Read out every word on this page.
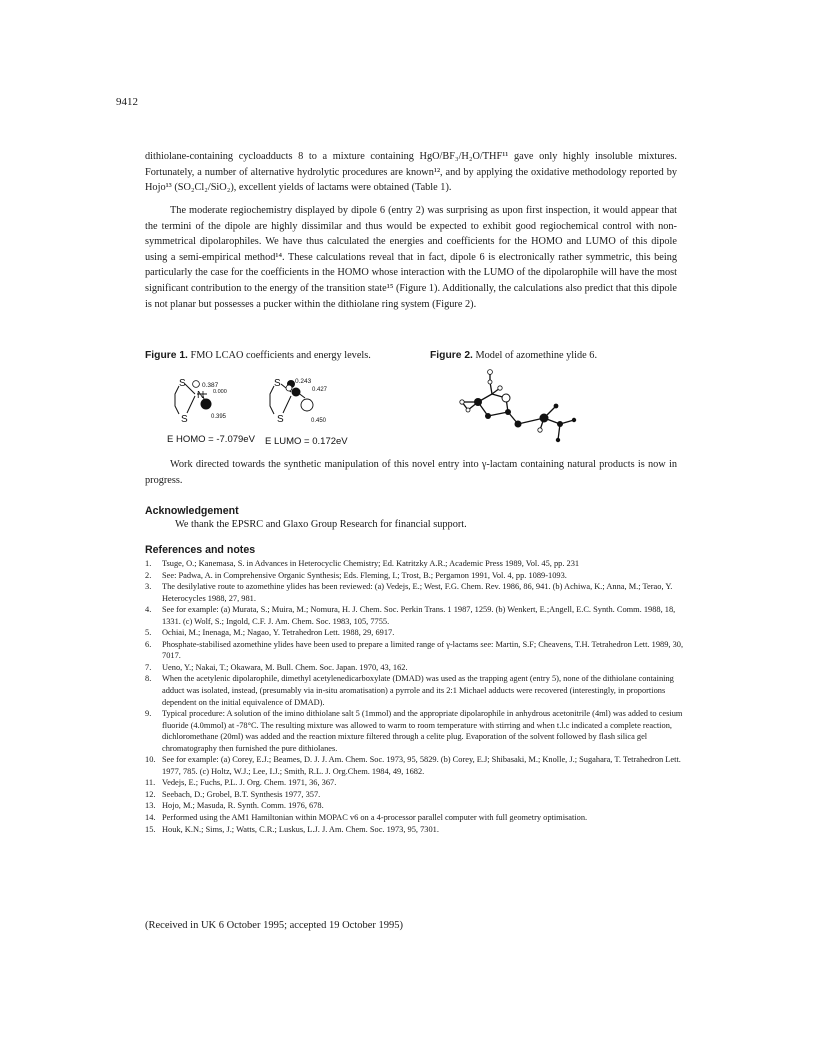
9412

dithiolane-containing cycloadducts 8 to a mixture containing HgO/BF₃/H₂O/THF¹¹ gave only highly insoluble mixtures. Fortunately, a number of alternative hydrolytic procedures are known¹², and by applying the oxidative methodology reported by Hojo¹³ (SO₂Cl₂/SiO₂), excellent yields of lactams were obtained (Table 1).

The moderate regiochemistry displayed by dipole 6 (entry 2) was surprising as upon first inspection, it would appear that the termini of the dipole are highly dissimilar and thus would be expected to exhibit good regiochemical control with non-symmetrical dipolarophiles. We have thus calculated the energies and coefficients for the HOMO and LUMO of this dipole using a semi-empirical method¹⁴. These calculations reveal that in fact, dipole 6 is electronically rather symmetric, this being particularly the case for the coefficients in the HOMO whose interaction with the LUMO of the dipolarophile will have the most significant contribution to the energy of the transition state¹⁵ (Figure 1). Additionally, the calculations also predict that this dipole is not planar but possesses a pucker within the dithiolane ring system (Figure 2).

Figure 1. FMO LCAO coefficients and energy levels.	Figure 2. Model of azomethine ylide 6.
S
N
S
0.387
0.000
0.395
E HOMO = -7.079eV
S
S
0.243
0.427
0.450
E LUMO = 0.172eV

Work directed towards the synthetic manipulation of this novel entry into γ-lactam containing natural products is now in progress.

Acknowledgement
We thank the EPSRC and Glaxo Group Research for financial support.
References and notes
1. Tsuge, O.; Kanemasa, S. in Advances in Heterocyclic Chemistry; Ed. Katritzky A.R.; Academic Press 1989, Vol. 45, pp. 231
2. See: Padwa, A. in Comprehensive Organic Synthesis; Eds. Fleming, I.; Trost, B.; Pergamon 1991, Vol. 4, pp. 1089-1093.
3. The desilylative route to azomethine ylides has been reviewed: (a) Vedejs, E.; West, F.G. Chem. Rev. 1986, 86, 941. (b) Achiwa, K.; Anna, M.; Terao, Y. Heterocycles 1988, 27, 981.
4. See for example: (a) Murata, S.; Muira, M.; Nomura, H. J. Chem. Soc. Perkin Trans. 1 1987, 1259. (b) Wenkert, E.;Angell, E.C. Synth. Comm. 1988, 18, 1331. (c) Wolf, S.; Ingold, C.F. J. Am. Chem. Soc. 1983, 105, 7755.
5. Ochiai, M.; Inenaga, M.; Nagao, Y. Tetrahedron Lett. 1988, 29, 6917.
6. Phosphate-stabilised azomethine ylides have been used to prepare a limited range of γ-lactams see: Martin, S.F; Cheavens, T.H. Tetrahedron Lett. 1989, 30, 7017.
7. Ueno, Y.; Nakai, T.; Okawara, M. Bull. Chem. Soc. Japan. 1970, 43, 162.
8. When the acetylenic dipolarophile, dimethyl acetylenedicarboxylate (DMAD) was used as the trapping agent (entry 5), none of the dithiolane containing adduct was isolated, instead, (presumably via in-situ aromatisation) a pyrrole and its 2:1 Michael adducts were recovered (interestingly, in proportions dependent on the initial equivalence of DMAD).
9. Typical procedure: A solution of the imino dithiolane salt 5 (1mmol) and the appropriate dipolarophile in anhydrous acetonitrile (4ml) was added to cesium fluoride (4.0mmol) at -78°C. The resulting mixture was allowed to warm to room temperature with stirring and when t.l.c indicated a complete reaction, dichloromethane (20ml) was added and the reaction mixture filtered through a celite plug. Evaporation of the solvent followed by flash silica gel chromatography then furnished the pure dithiolanes.
10. See for example: (a) Corey, E.J.; Beames, D. J. J. Am. Chem. Soc. 1973, 95, 5829. (b) Corey, E.J; Shibasaki, M.; Knolle, J.; Sugahara, T. Tetrahedron Lett. 1977, 785. (c) Holtz, W.J.; Lee, I.J.; Smith, R.L. J. Org.Chem. 1984, 49, 1682.
11. Vedejs, E.; Fuchs, P.L. J. Org. Chem. 1971, 36, 367.
12. Seebach, D.; Grobel, B.T. Synthesis 1977, 357.
13. Hojo, M.; Masuda, R. Synth. Comm. 1976, 678.
14. Performed using the AM1 Hamiltonian within MOPAC v6 on a 4-processor parallel computer with full geometry optimisation.
15. Houk, K.N.; Sims, J.; Watts, C.R.; Luskus, L.J. J. Am. Chem. Soc. 1973, 95, 7301.
(Received in UK 6 October 1995; accepted 19 October 1995)
